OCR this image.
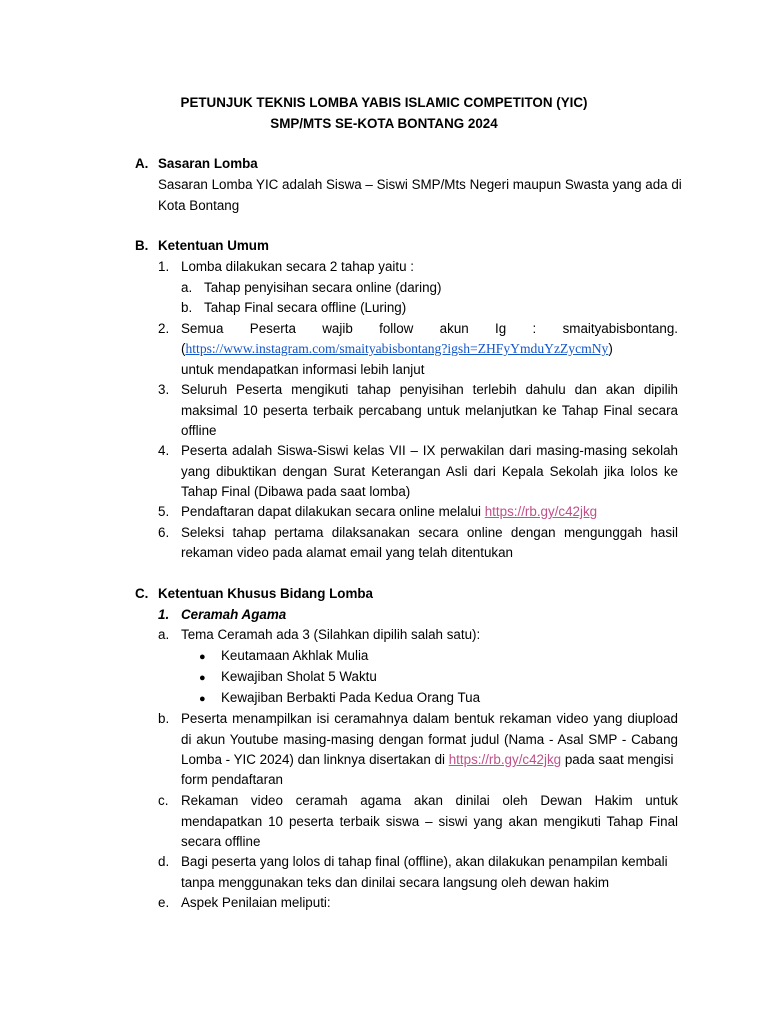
PETUNJUK TEKNIS LOMBA YABIS ISLAMIC COMPETITON (YIC)
SMP/MTS SE-KOTA BONTANG 2024
A. Sasaran Lomba
Sasaran Lomba YIC adalah Siswa – Siswi SMP/Mts Negeri maupun Swasta yang ada di
Kota Bontang
B. Ketentuan Umum
1. Lomba dilakukan secara 2 tahap yaitu :
a. Tahap penyisihan secara online (daring)
b. Tahap Final secara offline (Luring)
2. Semua Peserta wajib follow akun Ig : smaityabisbontang.
(https://www.instagram.com/smaityabisbontang?igsh=ZHFyYmduYzZycmNy)
untuk mendapatkan informasi lebih lanjut
3. Seluruh Peserta mengikuti tahap penyisihan terlebih dahulu dan akan dipilih
maksimal 10 peserta terbaik percabang untuk melanjutkan ke Tahap Final secara
offline
4. Peserta adalah Siswa-Siswi kelas VII – IX perwakilan dari masing-masing sekolah
yang dibuktikan dengan Surat Keterangan Asli dari Kepala Sekolah jika lolos ke
Tahap Final (Dibawa pada saat lomba)
5. Pendaftaran dapat dilakukan secara online melalui https://rb.gy/c42jkg
6. Seleksi tahap pertama dilaksanakan secara online dengan mengunggah hasil
rekaman video pada alamat email yang telah ditentukan
C. Ketentuan Khusus Bidang Lomba
1. Ceramah Agama
a. Tema Ceramah ada 3 (Silahkan dipilih salah satu):
● Keutamaan Akhlak Mulia
● Kewajiban Sholat 5 Waktu
● Kewajiban Berbakti Pada Kedua Orang Tua
b. Peserta menampilkan isi ceramahnya dalam bentuk rekaman video yang diupload
di akun Youtube masing-masing dengan format judul (Nama - Asal SMP - Cabang
Lomba - YIC 2024) dan linknya disertakan di https://rb.gy/c42jkg pada saat mengisi
form pendaftaran
c. Rekaman video ceramah agama akan dinilai oleh Dewan Hakim untuk
mendapatkan 10 peserta terbaik siswa – siswi yang akan mengikuti Tahap Final
secara offline
d. Bagi peserta yang lolos di tahap final (offline), akan dilakukan penampilan kembali
tanpa menggunakan teks dan dinilai secara langsung oleh dewan hakim
e. Aspek Penilaian meliputi:
